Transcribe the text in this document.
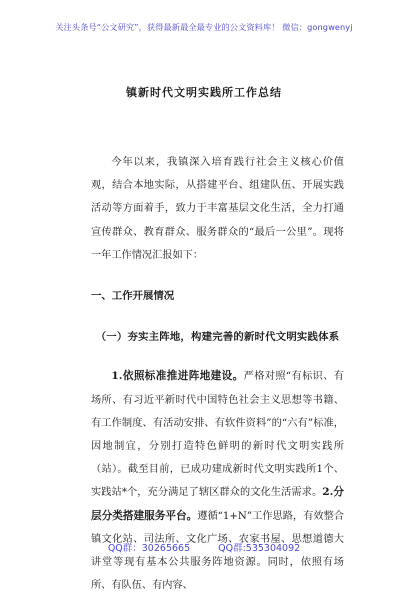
关注头条号“公文研究”，获得最新最全最专业的公文资料库！ 微信：gongwenyj
镇新时代文明实践所工作总结

今年以来，我镇深入培育践行社会主义核心价值观，结合本地实际，从搭建平台、组建队伍、开展实践活动等方面着手，致力于丰富基层文化生活，全力打通宣传群众、教育群众、服务群众的“最后一公里”。现将一年工作情况汇报如下：

一、工作开展情况

（一）夯实主阵地，构建完善的新时代文明实践体系

1.依照标准推进阵地建设。严格对照“有标识、有场所、有习近平新时代中国特色社会主义思想等书籍、有工作制度、有活动安排、有软件资料”的“六有”标准，因地制宜，分别打造特色鲜明的新时代文明实践所（站）。截至目前，已成功建成新时代文明实践所1个、实践站*个，充分满足了辖区群众的文化生活需求。2.分层分类搭建服务平台。遵循“1+N”工作思路，有效整合镇文化站、司法所、文化广场、农家书屋、思想道德大讲堂等现有基本公共服务阵地资源。同时，依照有场所、有队伍、有内容、

QQ群：30265665	QQ群:535304092
